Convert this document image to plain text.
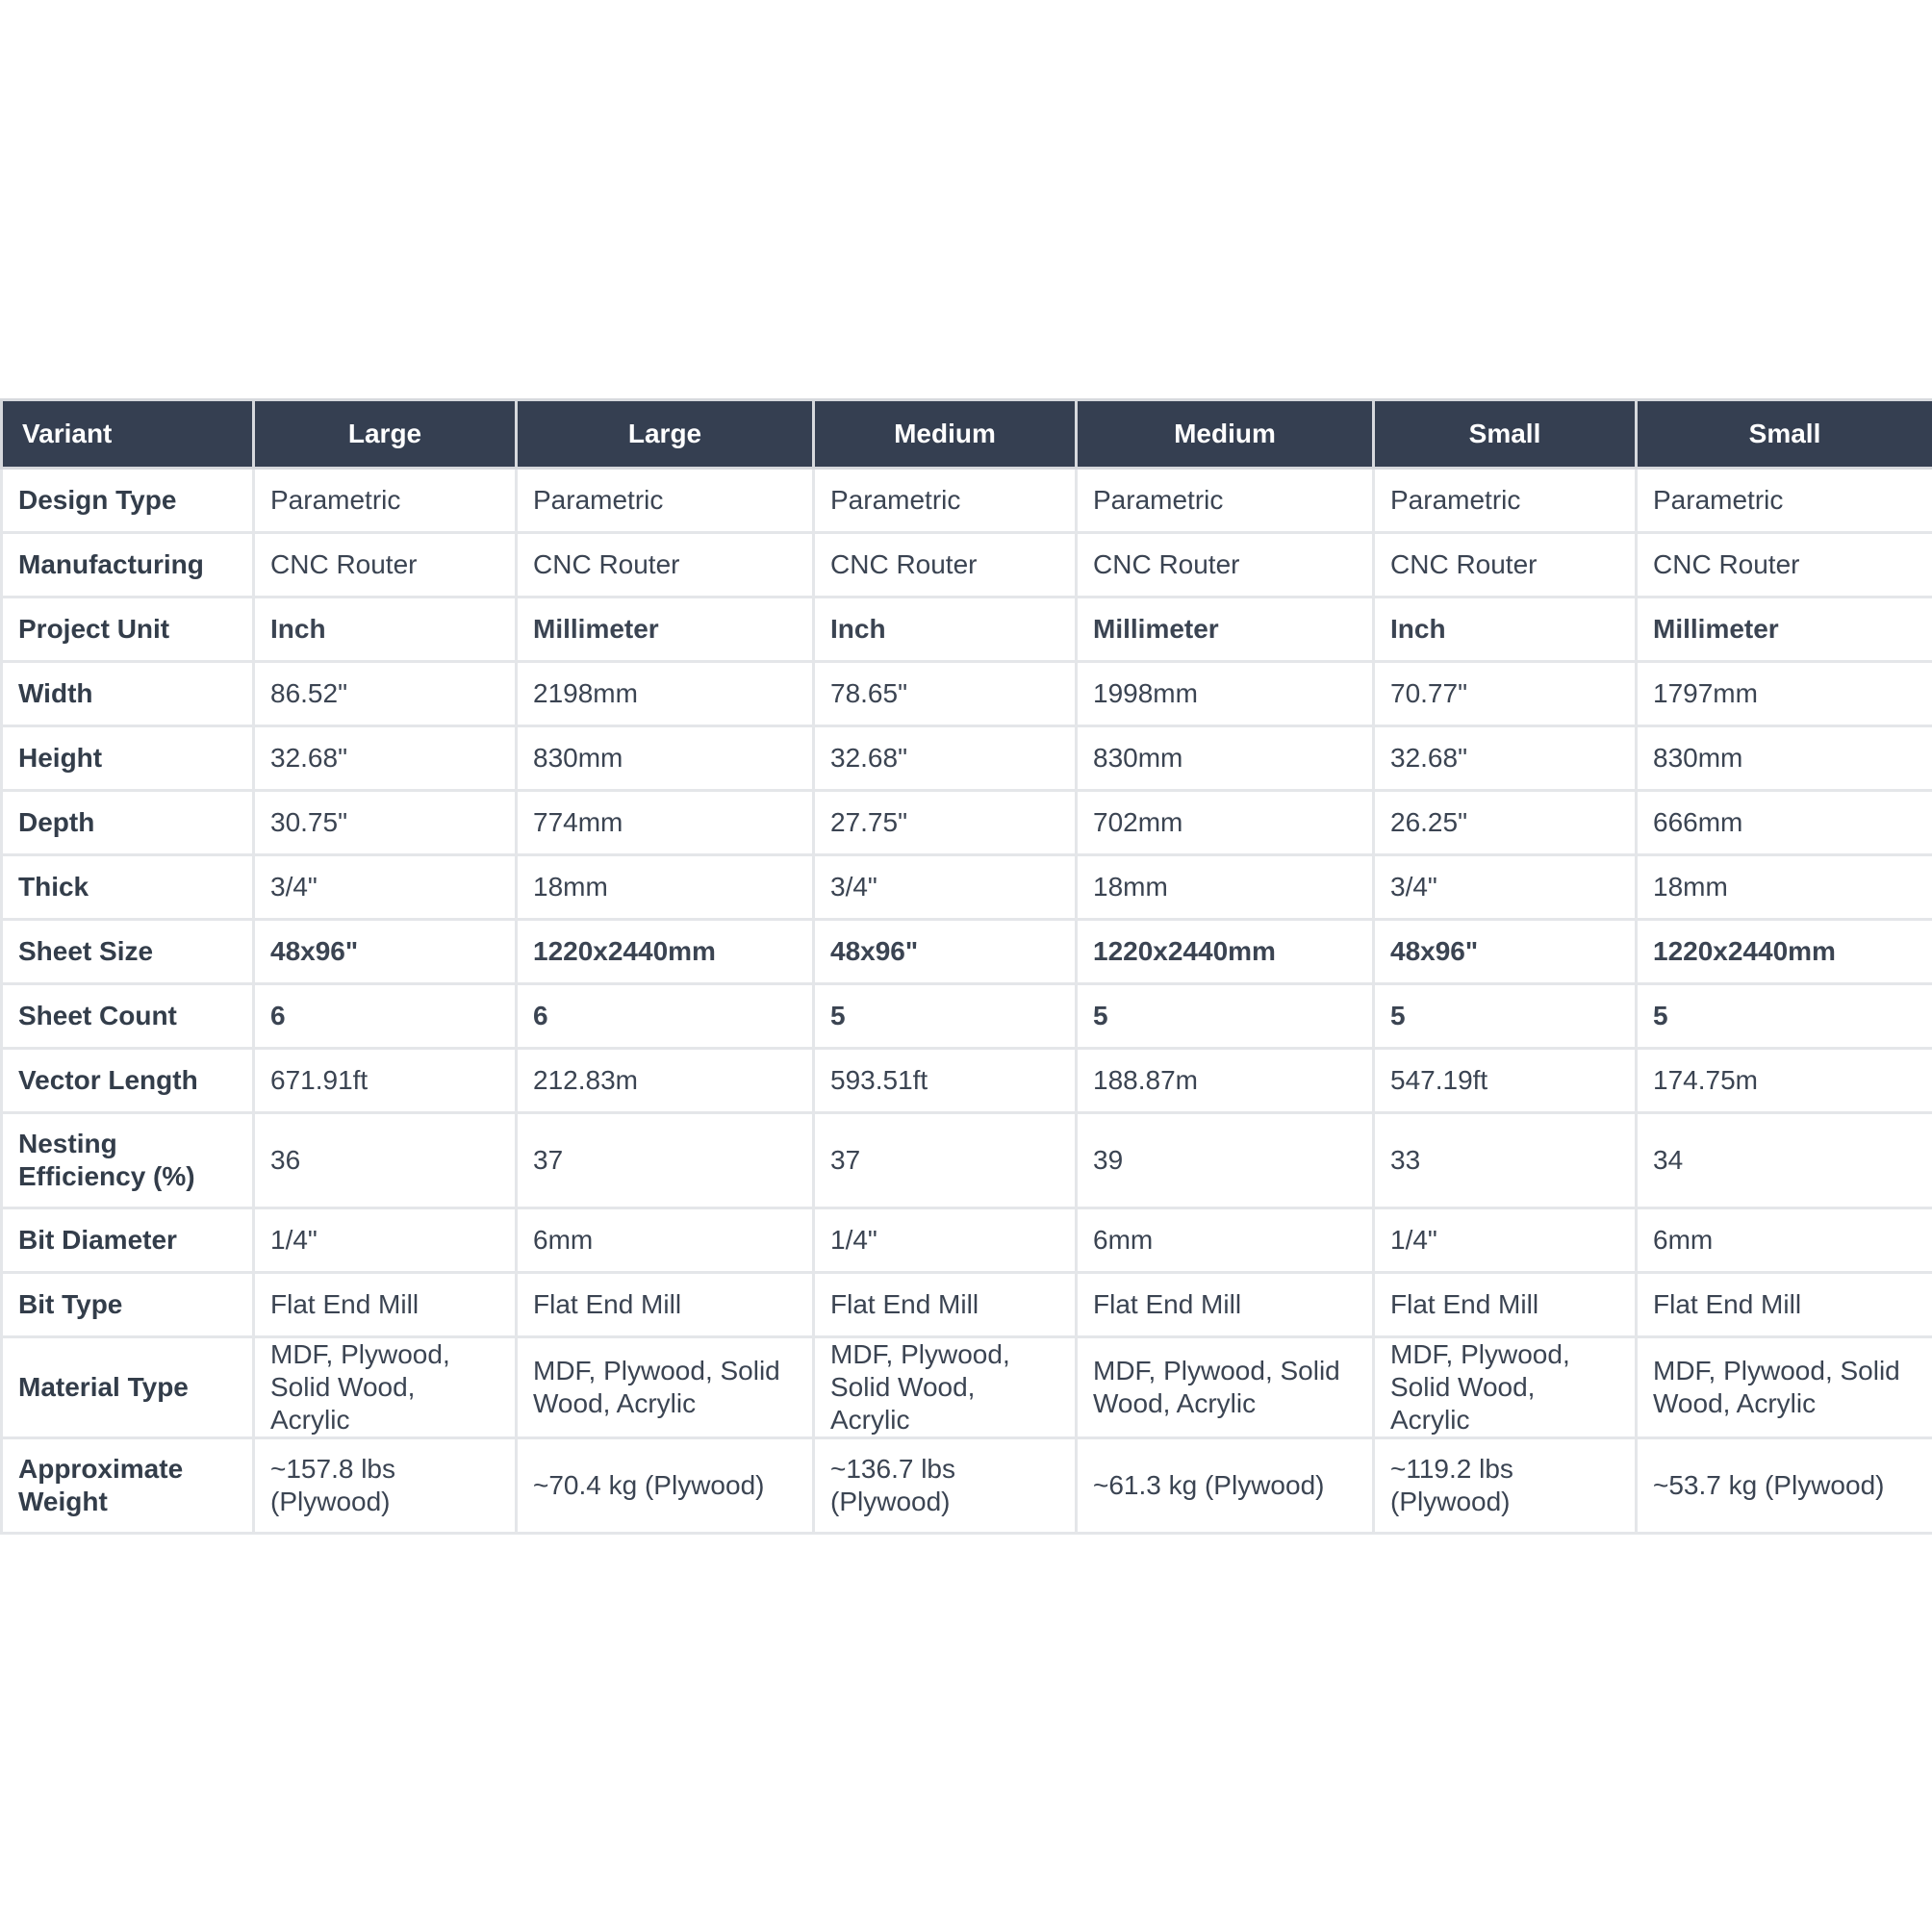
Variant	Large	Large	Medium	Medium	Small	Small
Design Type	Parametric	Parametric	Parametric	Parametric	Parametric	Parametric
Manufacturing	CNC Router	CNC Router	CNC Router	CNC Router	CNC Router	CNC Router
Project Unit	Inch	Millimeter	Inch	Millimeter	Inch	Millimeter
Width	86.52"	2198mm	78.65"	1998mm	70.77"	1797mm
Height	32.68"	830mm	32.68"	830mm	32.68"	830mm
Depth	30.75"	774mm	27.75"	702mm	26.25"	666mm
Thick	3/4"	18mm	3/4"	18mm	3/4"	18mm
Sheet Size	48x96"	1220x2440mm	48x96"	1220x2440mm	48x96"	1220x2440mm
Sheet Count	6	6	5	5	5	5
Vector Length	671.91ft	212.83m	593.51ft	188.87m	547.19ft	174.75m
Nesting Efficiency (%)	36	37	37	39	33	34
Bit Diameter	1/4"	6mm	1/4"	6mm	1/4"	6mm
Bit Type	Flat End Mill	Flat End Mill	Flat End Mill	Flat End Mill	Flat End Mill	Flat End Mill
Material Type	MDF, Plywood, Solid Wood, Acrylic	MDF, Plywood, Solid Wood, Acrylic	MDF, Plywood, Solid Wood, Acrylic	MDF, Plywood, Solid Wood, Acrylic	MDF, Plywood, Solid Wood, Acrylic	MDF, Plywood, Solid Wood, Acrylic
Approximate Weight	~157.8 lbs (Plywood)	~70.4 kg (Plywood)	~136.7 lbs (Plywood)	~61.3 kg (Plywood)	~119.2 lbs (Plywood)	~53.7 kg (Plywood)
